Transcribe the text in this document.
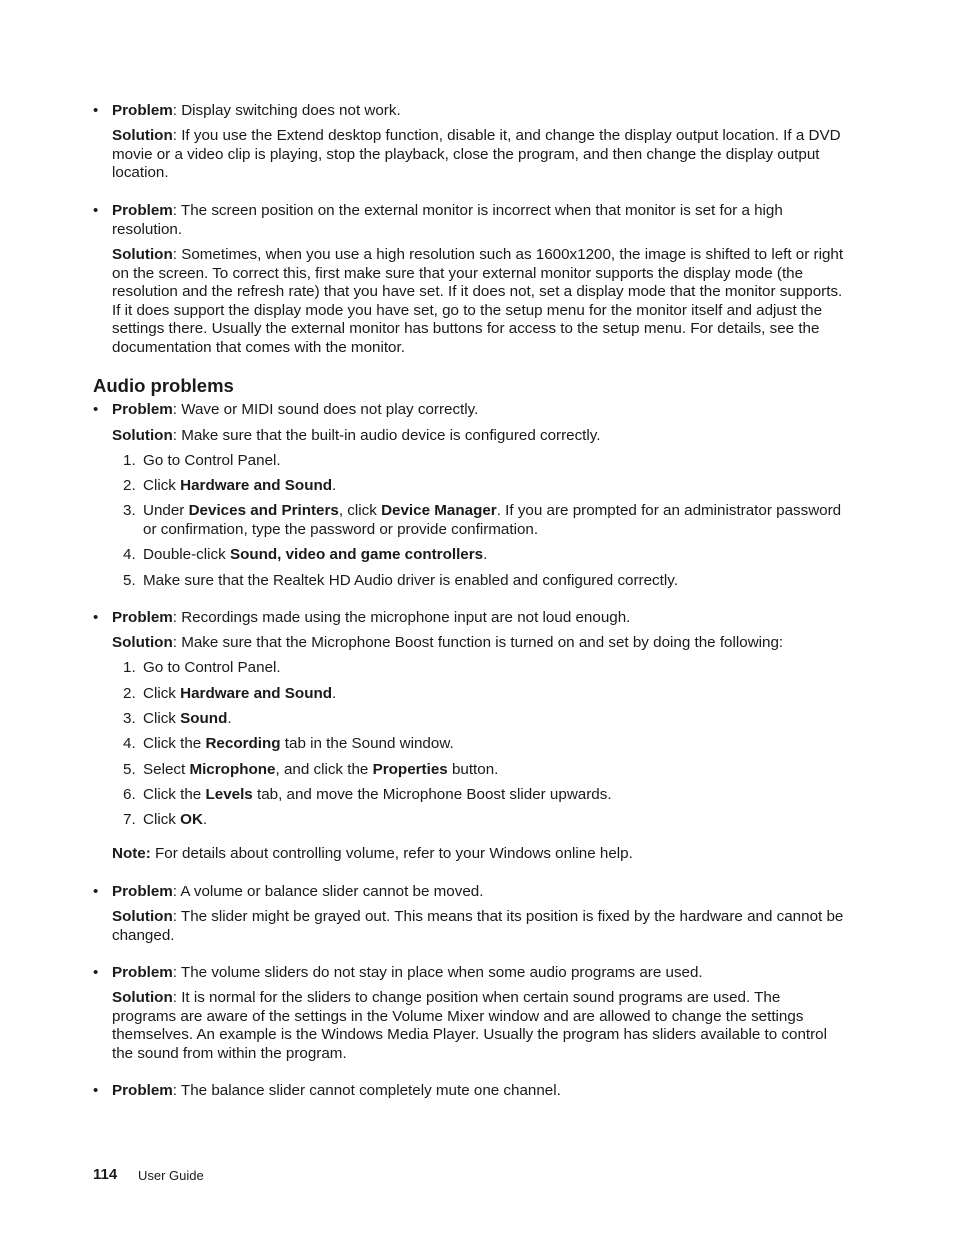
• Problem: Display switching does not work.

Solution: If you use the Extend desktop function, disable it, and change the display output location. If a DVD movie or a video clip is playing, stop the playback, close the program, and then change the display output location.

• Problem: The screen position on the external monitor is incorrect when that monitor is set for a high resolution.

Solution: Sometimes, when you use a high resolution such as 1600x1200, the image is shifted to left or right on the screen. To correct this, first make sure that your external monitor supports the display mode (the resolution and the refresh rate) that you have set. If it does not, set a display mode that the monitor supports. If it does support the display mode you have set, go to the setup menu for the monitor itself and adjust the settings there. Usually the external monitor has buttons for access to the setup menu. For details, see the documentation that comes with the monitor.

Audio problems
• Problem: Wave or MIDI sound does not play correctly.

Solution: Make sure that the built-in audio device is configured correctly.

1. Go to Control Panel.

2. Click Hardware and Sound.

3. Under Devices and Printers, click Device Manager. If you are prompted for an administrator password or confirmation, type the password or provide confirmation.

4. Double-click Sound, video and game controllers.

5. Make sure that the Realtek HD Audio driver is enabled and configured correctly.

• Problem: Recordings made using the microphone input are not loud enough.

Solution: Make sure that the Microphone Boost function is turned on and set by doing the following:

1. Go to Control Panel.

2. Click Hardware and Sound.

3. Click Sound.

4. Click the Recording tab in the Sound window.

5. Select Microphone, and click the Properties button.

6. Click the Levels tab, and move the Microphone Boost slider upwards.

7. Click OK.

Note: For details about controlling volume, refer to your Windows online help.

• Problem: A volume or balance slider cannot be moved.

Solution: The slider might be grayed out. This means that its position is fixed by the hardware and cannot be changed.

• Problem: The volume sliders do not stay in place when some audio programs are used.

Solution: It is normal for the sliders to change position when certain sound programs are used. The programs are aware of the settings in the Volume Mixer window and are allowed to change the settings themselves. An example is the Windows Media Player. Usually the program has sliders available to control the sound from within the program.

• Problem: The balance slider cannot completely mute one channel.

114 User Guide
